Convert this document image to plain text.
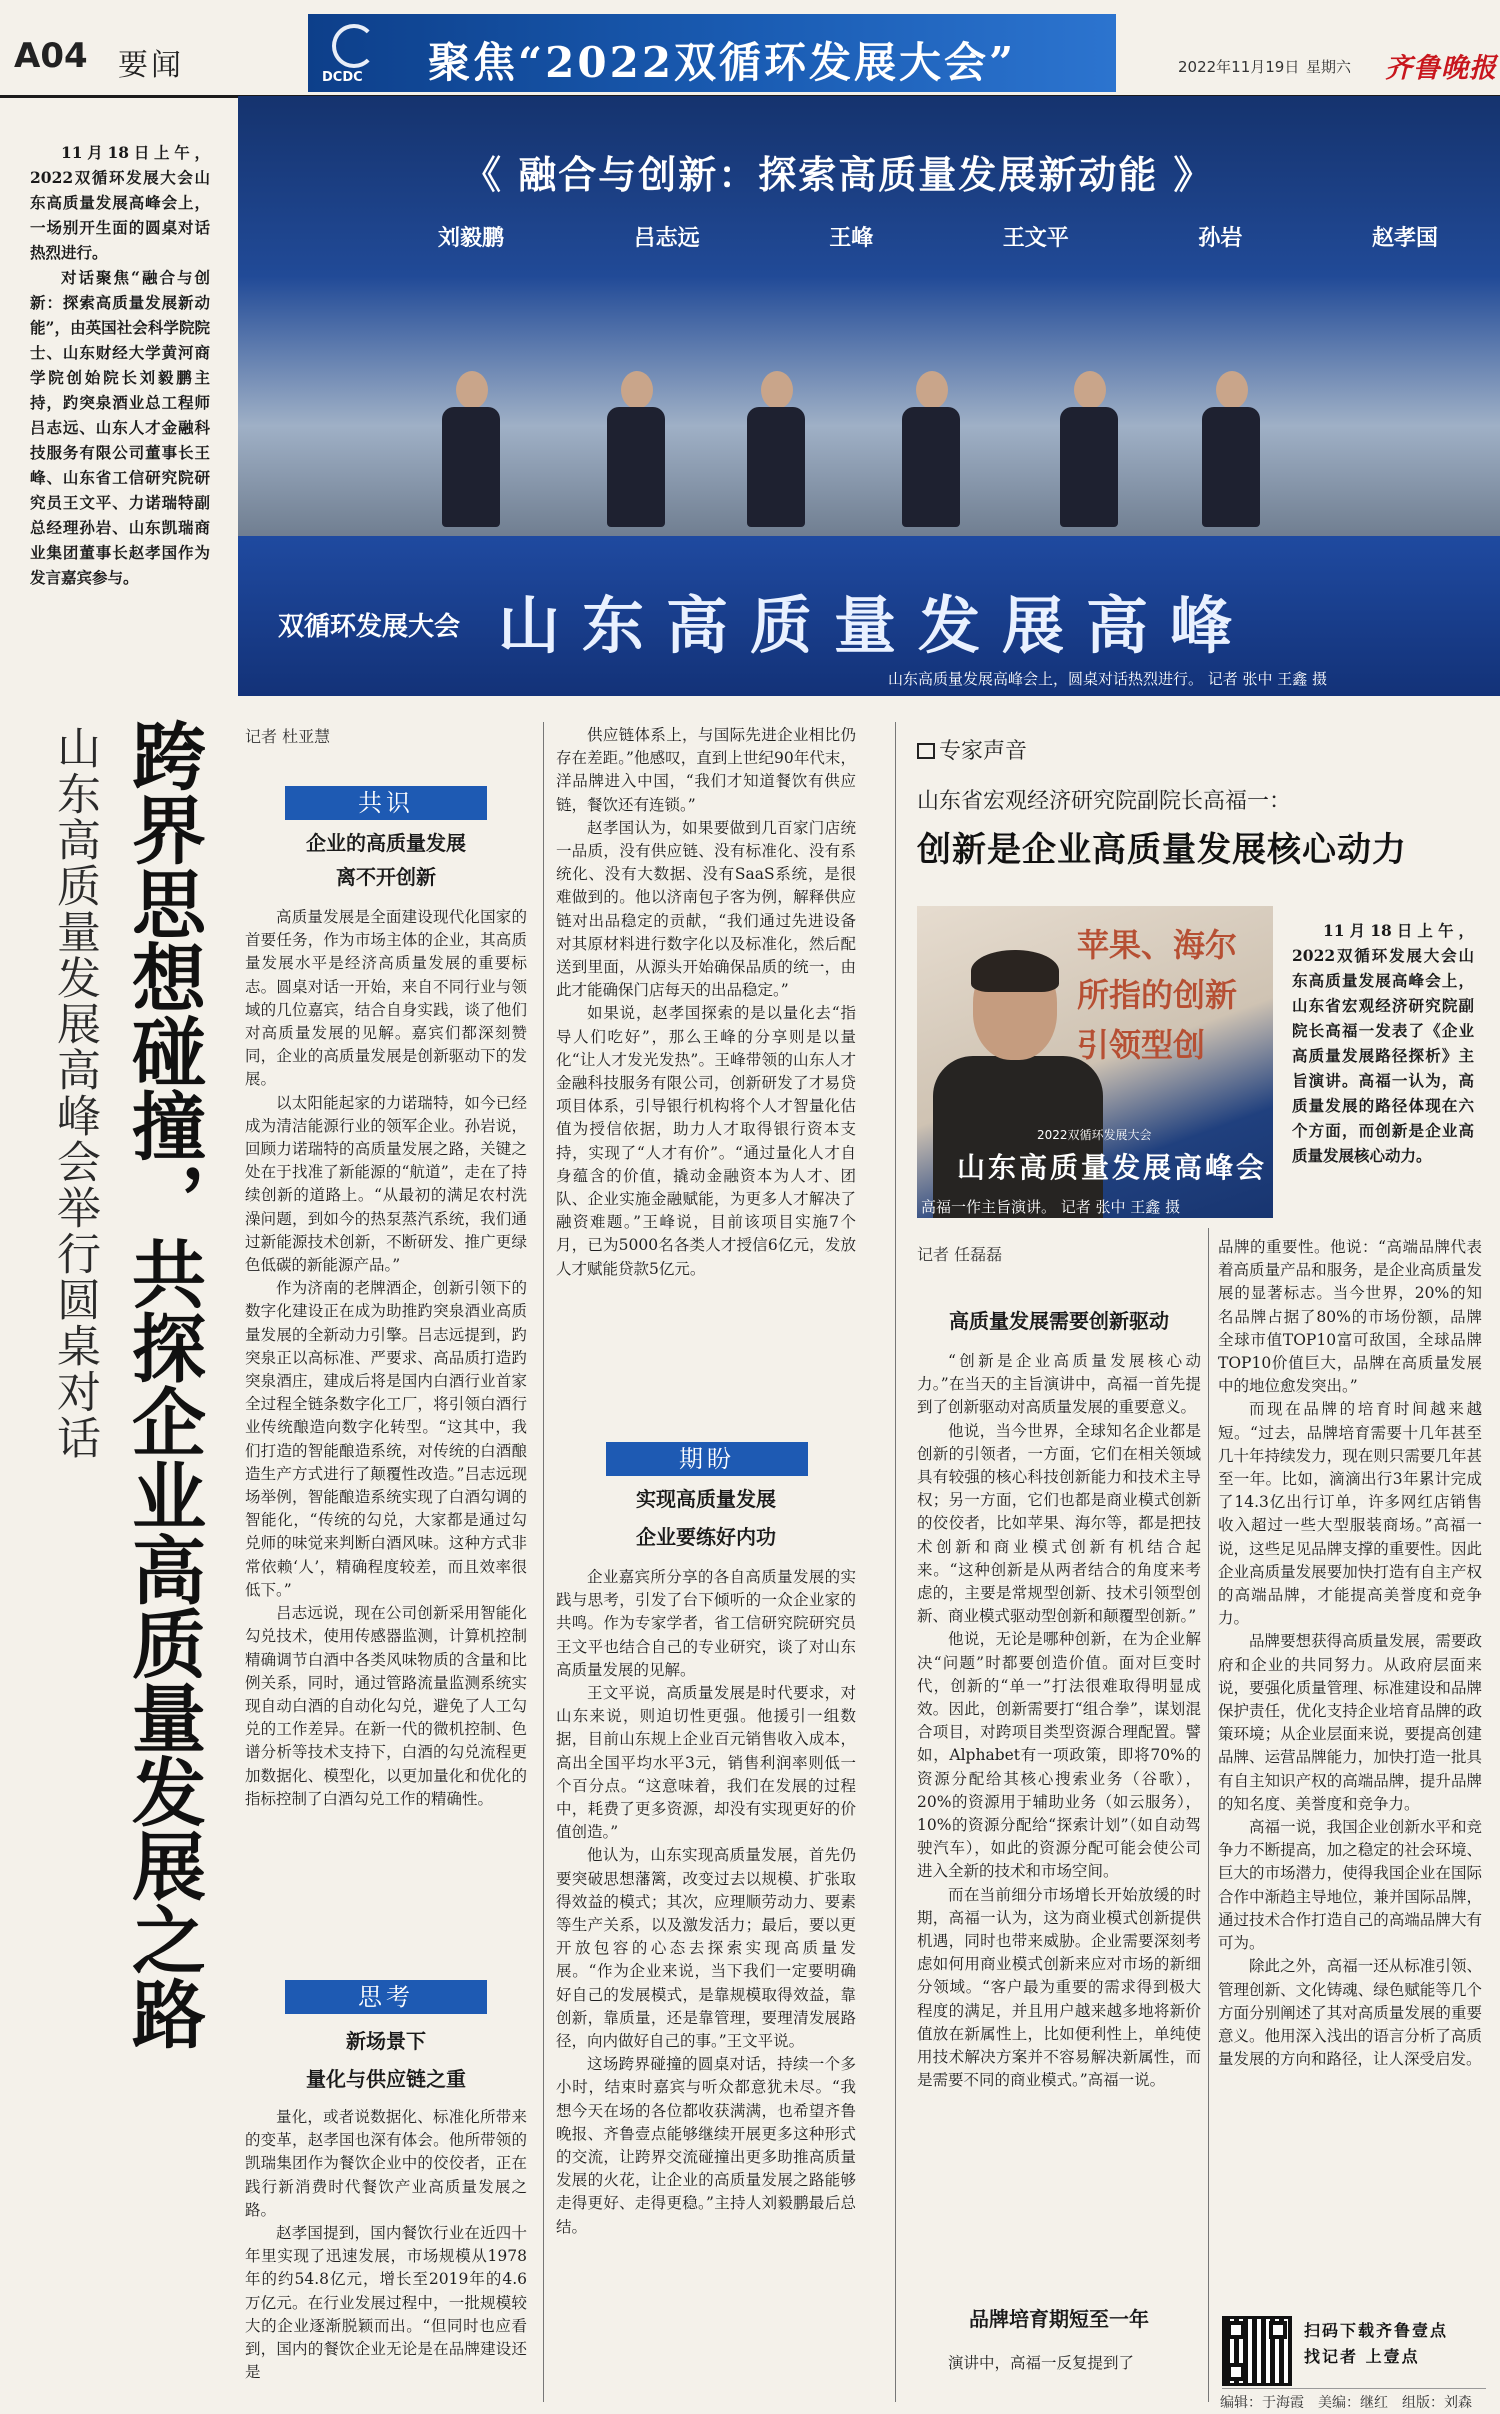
A04 要闻	DCDC 聚焦“2022双循环发展大会”	2022年11月19日 星期六 齐鲁晚报

11月18日上午，2022双循环发展大会山东高质量发展高峰会上，一场别开生面的圆桌对话热烈进行。

对话聚焦“融合与创新：探索高质量发展新动能”，由英国社会科学院院士、山东财经大学黄河商学院创始院长刘毅鹏主持，趵突泉酒业总工程师吕志远、山东人才金融科技服务有限公司董事长王峰、山东省工信研究院研究员王文平、力诺瑞特副总经理孙岩、山东凯瑞商业集团董事长赵孝国作为发言嘉宾参与。

《 融合与创新：探索高质量发展新动能 》
刘毅鹏	吕志远	王峰	王文平	孙岩	赵孝国
双循环发展大会 山东高质量发展高峰
山东高质量发展高峰会上，圆桌对话热烈进行。 记者 张中 王鑫 摄
山东高质量发展高峰会举行圆桌对话 跨界思想碰撞，共探企业高质量发展之路	记者 杜亚慧
共识
企业的高质量发展
离不开创新

高质量发展是全面建设现代化国家的首要任务，作为市场主体的企业，其高质量发展水平是经济高质量发展的重要标志。圆桌对话一开始，来自不同行业与领域的几位嘉宾，结合自身实践，谈了他们对高质量发展的见解。嘉宾们都深刻赞同，企业的高质量发展是创新驱动下的发展。

以太阳能起家的力诺瑞特，如今已经成为清洁能源行业的领军企业。孙岩说，回顾力诺瑞特的高质量发展之路，关键之处在于找准了新能源的“航道”，走在了持续创新的道路上。“从最初的满足农村洗澡问题，到如今的热泵蒸汽系统，我们通过新能源技术创新，不断研发、推广更绿色低碳的新能源产品。”

作为济南的老牌酒企，创新引领下的数字化建设正在成为助推趵突泉酒业高质量发展的全新动力引擎。吕志远提到，趵突泉正以高标准、严要求、高品质打造趵突泉酒庄，建成后将是国内白酒行业首家全过程全链条数字化工厂，将引领白酒行业传统酿造向数字化转型。“这其中，我们打造的智能酿造系统，对传统的白酒酿造生产方式进行了颠覆性改造。”吕志远现场举例，智能酿造系统实现了白酒勾调的智能化，“传统的勾兑，大家都是通过勾兑师的味觉来判断白酒风味。这种方式非常依赖‘人’，精确程度较差，而且效率很低下。”

吕志远说，现在公司创新采用智能化勾兑技术，使用传感器监测，计算机控制精确调节白酒中各类风味物质的含量和比例关系，同时，通过管路流量监测系统实现自动白酒的自动化勾兑，避免了人工勾兑的工作差异。在新一代的微机控制、色谱分析等技术支持下，白酒的勾兑流程更加数据化、模型化，以更加量化和优化的指标控制了白酒勾兑工作的精确性。

思考
新场景下
量化与供应链之重

量化，或者说数据化、标准化所带来的变革，赵孝国也深有体会。他所带领的凯瑞集团作为餐饮企业中的佼佼者，正在践行新消费时代餐饮产业高质量发展之路。

赵孝国提到，国内餐饮行业在近四十年里实现了迅速发展，市场规模从1978年的约54.8亿元，增长至2019年的4.6万亿元。在行业发展过程中，一批规模较大的企业逐渐脱颖而出。“但同时也应看到，国内的餐饮企业无论是在品牌建设还是

供应链体系上，与国际先进企业相比仍存在差距。”他感叹，直到上世纪90年代末，洋品牌进入中国，“我们才知道餐饮有供应链，餐饮还有连锁。”

赵孝国认为，如果要做到几百家门店统一品质，没有供应链、没有标准化、没有系统化、没有大数据、没有SaaS系统，是很难做到的。他以济南包子客为例，解释供应链对出品稳定的贡献，“我们通过先进设备对其原材料进行数字化以及标准化，然后配送到里面，从源头开始确保品质的统一，由此才能确保门店每天的出品稳定。”

如果说，赵孝国探索的是以量化去“指导人们吃好”，那么王峰的分享则是以量化“让人才发光发热”。王峰带领的山东人才金融科技服务有限公司，创新研发了才易贷项目体系，引导银行机构将个人才智量化估值为授信依据，助力人才取得银行资本支持，实现了“人才有价”。“通过量化人才自身蕴含的价值，撬动金融资本为人才、团队、企业实施金融赋能，为更多人才解决了融资难题。”王峰说，目前该项目实施7个月，已为5000名各类人才授信6亿元，发放人才赋能贷款5亿元。

期盼
实现高质量发展
企业要练好内功

企业嘉宾所分享的各自高质量发展的实践与思考，引发了台下倾听的一众企业家的共鸣。作为专家学者，省工信研究院研究员王文平也结合自己的专业研究，谈了对山东高质量发展的见解。

王文平说，高质量发展是时代要求，对山东来说，则迫切性更强。他援引一组数据，目前山东规上企业百元销售收入成本，高出全国平均水平3元，销售利润率则低一个百分点。“这意味着，我们在发展的过程中，耗费了更多资源，却没有实现更好的价值创造。”

他认为，山东实现高质量发展，首先仍要突破思想藩篱，改变过去以规模、扩张取得效益的模式；其次，应理顺劳动力、要素等生产关系，以及激发活力；最后，要以更开放包容的心态去探索实现高质量发展。“作为企业来说，当下我们一定要明确好自己的发展模式，是靠规模取得效益，靠创新，靠质量，还是靠管理，要理清发展路径，向内做好自己的事。”王文平说。

这场跨界碰撞的圆桌对话，持续一个多小时，结束时嘉宾与听众都意犹未尽。“我想今天在场的各位都收获满满，也希望齐鲁晚报、齐鲁壹点能够继续开展更多这种形式的交流，让跨界交流碰撞出更多助推高质量发展的火花，让企业的高质量发展之路能够走得更好、走得更稳。”主持人刘毅鹏最后总结。

专家声音
山东省宏观经济研究院副院长高福一：
创新是企业高质量发展核心动力
苹果、海尔
所指的创新
引领型创
2022双循环发展大会
山东高质量发展高峰会
高福一作主旨演讲。 记者 张中 王鑫 摄

11月18日上午，2022双循环发展大会山东高质量发展高峰会上，山东省宏观经济研究院副院长高福一发表了《企业高质量发展路径探析》主旨演讲。高福一认为，高质量发展的路径体现在六个方面，而创新是企业高质量发展核心动力。

记者 任磊磊
高质量发展需要创新驱动

“创新是企业高质量发展核心动力。”在当天的主旨演讲中，高福一首先提到了创新驱动对高质量发展的重要意义。

他说，当今世界，全球知名企业都是创新的引领者，一方面，它们在相关领域具有较强的核心科技创新能力和技术主导权；另一方面，它们也都是商业模式创新的佼佼者，比如苹果、海尔等，都是把技术创新和商业模式创新有机结合起来。“这种创新是从两者结合的角度来考虑的，主要是常规型创新、技术引领型创新、商业模式驱动型创新和颠覆型创新。”

他说，无论是哪种创新，在为企业解决“问题”时都要创造价值。面对巨变时代，创新的“单一”打法很难取得明显成效。因此，创新需要打“组合拳”，谋划混合项目，对跨项目类型资源合理配置。譬如，Alphabet有一项政策，即将70%的资源分配给其核心搜索业务（谷歌），20%的资源用于辅助业务（如云服务），10%的资源分配给“探索计划”（如自动驾驶汽车），如此的资源分配可能会使公司进入全新的技术和市场空间。

而在当前细分市场增长开始放缓的时期，高福一认为，这为商业模式创新提供机遇，同时也带来威胁。企业需要深刻考虑如何用商业模式创新来应对市场的新细分领域。“客户最为重要的需求得到极大程度的满足，并且用户越来越多地将新价值放在新属性上，比如便利性上，单纯使用技术解决方案并不容易解决新属性，而是需要不同的商业模式。”高福一说。

品牌培育期短至一年

演讲中，高福一反复提到了

品牌的重要性。他说：“高端品牌代表着高质量产品和服务，是企业高质量发展的显著标志。当今世界，20%的知名品牌占据了80%的市场份额，品牌全球市值TOP10富可敌国，全球品牌TOP10价值巨大，品牌在高质量发展中的地位愈发突出。”

而现在品牌的培育时间越来越短。“过去，品牌培育需要十几年甚至几十年持续发力，现在则只需要几年甚至一年。比如，滴滴出行3年累计完成了14.3亿出行订单，许多网红店销售收入超过一些大型服装商场。”高福一说，这些足见品牌支撑的重要性。因此企业高质量发展要加快打造有自主产权的高端品牌，才能提高美誉度和竞争力。

品牌要想获得高质量发展，需要政府和企业的共同努力。从政府层面来说，要强化质量管理、标准建设和品牌保护责任，优化支持企业培育品牌的政策环境；从企业层面来说，要提高创建品牌、运营品牌能力，加快打造一批具有自主知识产权的高端品牌，提升品牌的知名度、美誉度和竞争力。

高福一说，我国企业创新水平和竞争力不断提高，加之稳定的社会环境、巨大的市场潜力，使得我国企业在国际合作中渐趋主导地位，兼并国际品牌，通过技术合作打造自己的高端品牌大有可为。

除此之外，高福一还从标准引领、管理创新、文化铸魂、绿色赋能等几个方面分别阐述了其对高质量发展的重要意义。他用深入浅出的语言分析了高质量发展的方向和路径，让人深受启发。

扫码下载齐鲁壹点
找记者 上壹点
编辑：于海霞　美编：继红　组版：刘森
